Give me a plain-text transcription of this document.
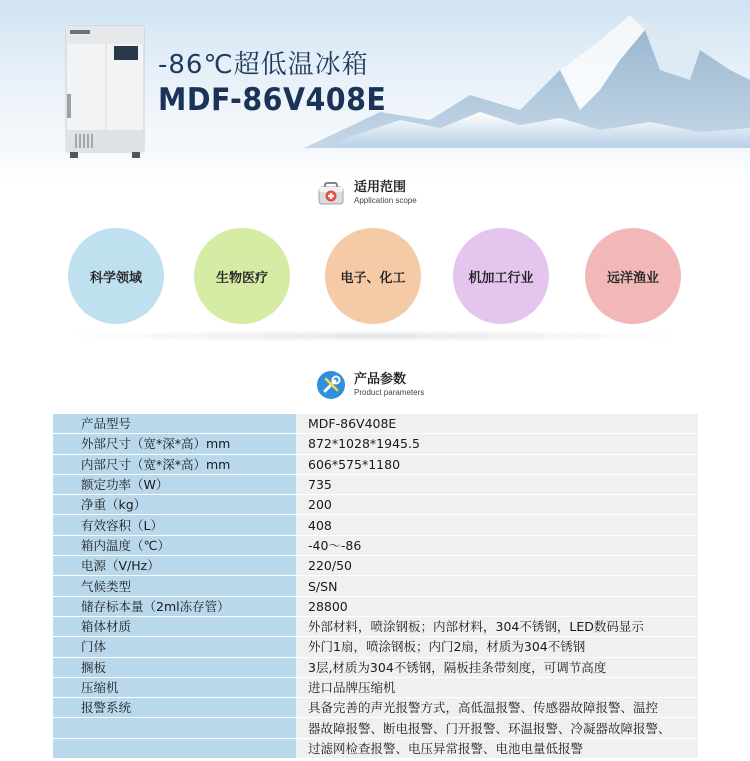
-86℃超低温冰箱
MDF-86V408E
适用范围
Application scope
科学领域	生物医疗	电子、化工	机加工行业	远洋渔业
产品参数
Product parameters
产品型号	MDF-86V408E
外部尺寸（宽*深*高）mm	872*1028*1945.5
内部尺寸（宽*深*高）mm	606*575*1180
额定功率（W）	735
净重（kg）	200
有效容积（L）	408
箱内温度（℃）	-40～-86
电源（V/Hz）	220/50
气候类型	S/SN
储存标本量（2ml冻存管）	28800
箱体材质	外部材料，喷涂钢板；内部材料，304不锈钢，LED数码显示
门体	外门1扇，喷涂钢板；内门2扇，材质为304不锈钢
搁板	3层,材质为304不锈钢，隔板挂条带刻度，可调节高度
压缩机	进口品牌压缩机
报警系统	具备完善的声光报警方式，高低温报警、传感器故障报警、温控
	器故障报警、断电报警、门开报警、环温报警、冷凝器故障报警、
	过滤网检查报警、电压异常报警、电池电量低报警
